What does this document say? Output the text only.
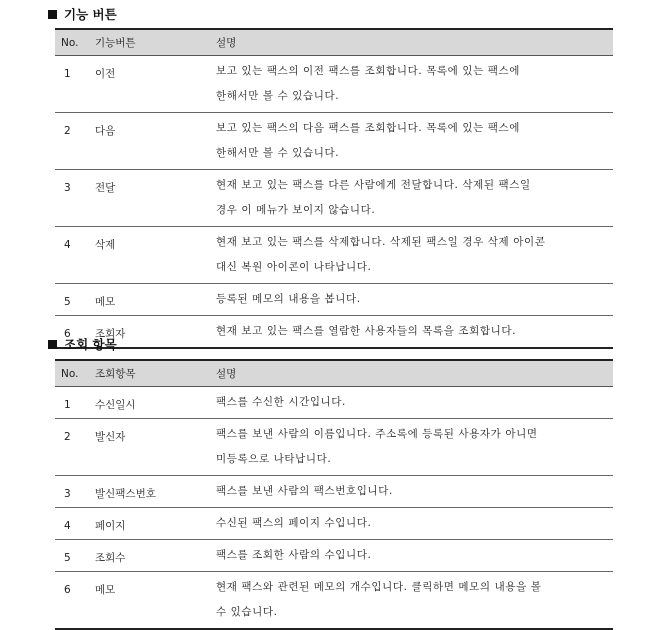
기능 버튼
No.	기능버튼	설명
1	이전	보고 있는 팩스의 이전 팩스를 조회합니다. 목록에 있는 팩스에
한해서만 볼 수 있습니다.

2	다음	보고 있는 팩스의 다음 팩스를 조회합니다. 목록에 있는 팩스에
한해서만 볼 수 있습니다.

3	전달	현재 보고 있는 팩스를 다른 사람에게 전달합니다. 삭제된 팩스일
경우 이 메뉴가 보이지 않습니다.

4	삭제	현재 보고 있는 팩스를 삭제합니다. 삭제된 팩스일 경우 삭제 아이콘
대신 복원 아이콘이 나타납니다.

5	메모	등록된 메모의 내용을 봅니다.

6	조회자	현재 보고 있는 팩스를 열람한 사용자들의 목록을 조회합니다.
조회 항목
No.	조회항목	설명
1	수신일시	팩스를 수신한 시간입니다.

2	발신자	팩스를 보낸 사람의 이름입니다. 주소록에 등록된 사용자가 아니면
미등록으로 나타납니다.

3	발신팩스번호	팩스를 보낸 사람의 팩스번호입니다.

4	페이지	수신된 팩스의 페이지 수입니다.

5	조회수	팩스를 조회한 사람의 수입니다.

6	메모	현재 팩스와 관련된 메모의 개수입니다. 클릭하면 메모의 내용을 볼
수 있습니다.
